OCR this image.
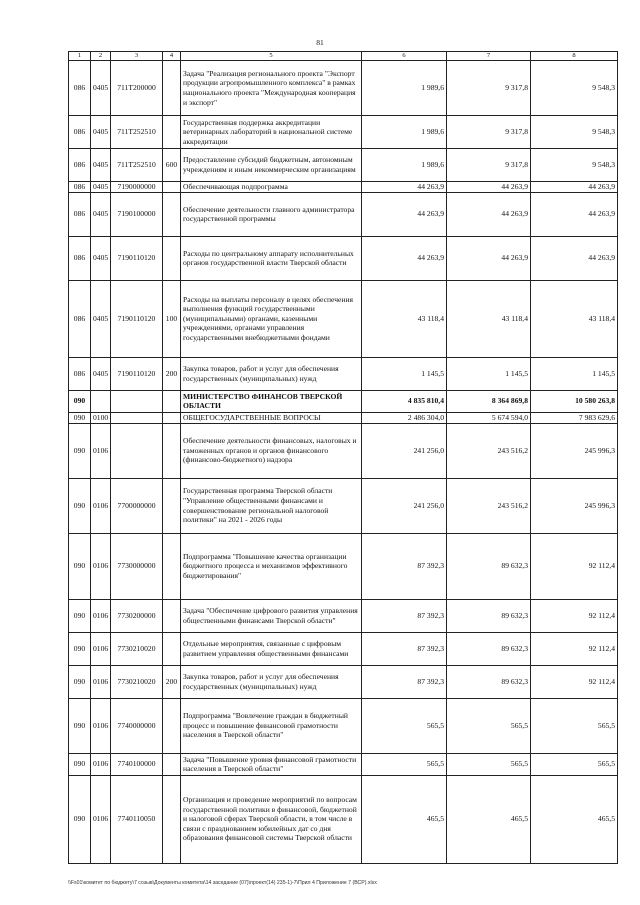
81
1	2	3	4	5	6	7	8
086	0405	711T200000		Задача "Реализация регионального проекта "Экспорт продукции агропромышленного комплекса" в рамках национального проекта "Международная кооперация и экспорт"	1 989,6	9 317,8	9 548,3
086	0405	711T252510		Государственная поддержка аккредитации ветеринарных лабораторий в национальной системе аккредитации	1 989,6	9 317,8	9 548,3
086	0405	711T252510	600	Предоставление субсидий бюджетным, автономным учреждениям и иным некоммерческим организациям	1 989,6	9 317,8	9 548,3
086	0405	7190000000		Обеспечивающая подпрограмма	44 263,9	44 263,9	44 263,9
086	0405	7190100000		Обеспечение деятельности главного администратора государственной программы	44 263,9	44 263,9	44 263,9
086	0405	7190110120		Расходы по центральному аппарату исполнительных органов государственной власти Тверской области	44 263,9	44 263,9	44 263,9
086	0405	7190110120	100	Расходы на выплаты персоналу в целях обеспечения выполнения функций государственными (муниципальными) органами, казенными учреждениями, органами управления государственными внебюджетными фондами	43 118,4	43 118,4	43 118,4
086	0405	7190110120	200	Закупка товаров, работ и услуг для обеспечения государственных (муниципальных) нужд	1 145,5	1 145,5	1 145,5
090				МИНИСТЕРСТВО ФИНАНСОВ ТВЕРСКОЙ ОБЛАСТИ	4 835 810,4	8 364 869,8	10 580 263,8
090	0100			ОБЩЕГОСУДАРСТВЕННЫЕ ВОПРОСЫ	2 486 304,0	5 674 594,0	7 983 629,6
090	0106			Обеспечение деятельности финансовых, налоговых и таможенных органов и органов финансового (финансово-бюджетного) надзора	241 256,0	243 516,2	245 996,3
090	0106	7700000000		Государственная программа Тверской области "Управление общественными финансами и совершенствование региональной налоговой политики" на 2021 - 2026 годы	241 256,0	243 516,2	245 996,3
090	0106	7730000000		Подпрограмма "Повышение качества организации бюджетного процесса и механизмов эффективного бюджетирования"	87 392,3	89 632,3	92 112,4
090	0106	7730200000		Задача "Обеспечение цифрового развития управления общественными финансами Тверской области"	87 392,3	89 632,3	92 112,4
090	0106	7730210020		Отдельные мероприятия, связанные с цифровым развитием управления общественными финансами	87 392,3	89 632,3	92 112,4
090	0106	7730210020	200	Закупка товаров, работ и услуг для обеспечения государственных (муниципальных) нужд	87 392,3	89 632,3	92 112,4
090	0106	7740000000		Подпрограмма "Вовлечение граждан в бюджетный процесс и повышение финансовой грамотности населения в Тверской области"	565,5	565,5	565,5
090	0106	7740100000		Задача "Повышение уровня финансовой грамотности населения в Тверской области"	565,5	565,5	565,5
090	0106	7740110050		Организация и проведение мероприятий по вопросам государственной политики в финансовой, бюджетной и налоговой сферах Тверской области, в том числе в связи с празднованием юбилейных дат со дня образования финансовой системы Тверской области	465,5	465,5	465,5
\\Fs01\комитет по бюджету\7 созыв\Документы комитета\14 заседание (07)\проект(14) 235-1)-7\Прил 4 Приложение 7 (ВСР).xlsx
